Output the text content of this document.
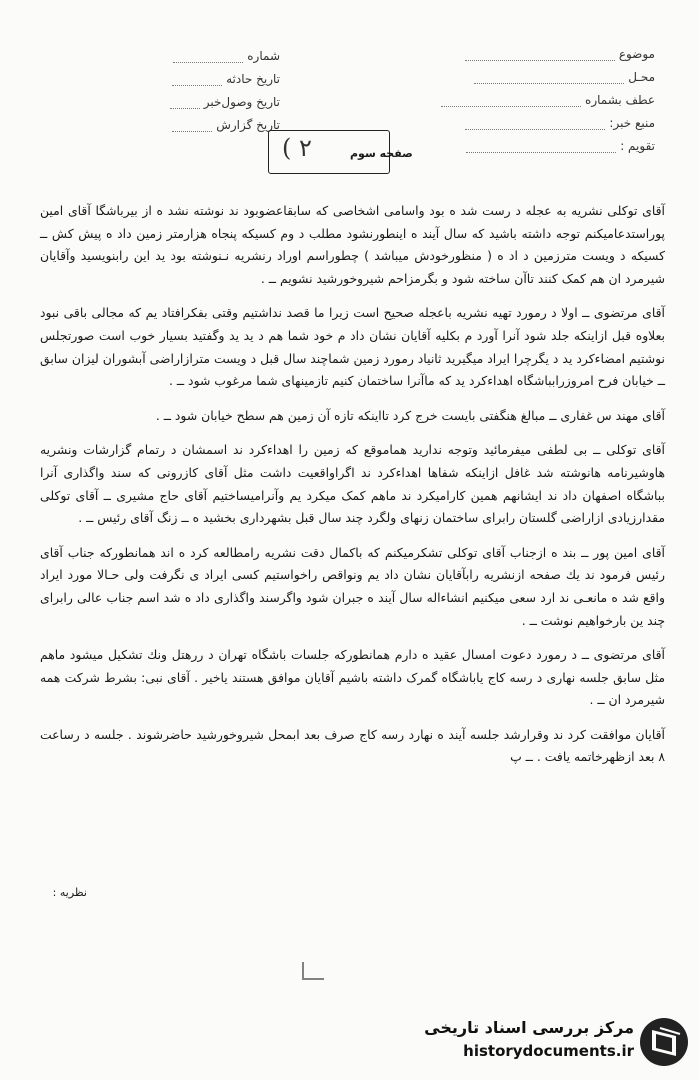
موضوع
محـل
عطف بشماره
منبع خبر:
تقویم :
شماره
تاریخ حادثه
تاریخ وصول‌خبر
تاریخ گزارش
( ۲	صفحه سوم

آقای توکلی نشریه به عجله د رست شد ه بود واسامی اشخاصی که سابقاعضوبود ند نوشته نشد ه از بیرباشگا آقای امین پوراستدعامیکنم توجه داشته باشید که سال آیند ه اینطورنشود مطلب د وم کسیکه پنجاه هزارمتر زمین داد ه پیش کش ــ کسیکه د ویست مترزمین د اد ه ( منظورخودش میباشد ) چطوراسم اوراد رنشریه نـنوشته بود ید این رابنویسید وآقایان شیرمرد ان هم کمک کنند تاآن ساخته شود و بگرمزاحم شیروخورشید نشویم ــ .

آقای مرتضوی ــ اولا د رمورد تهیه نشریه باعجله صحیح است زیرا ما قصد نداشتیم وقتی بفکرافتاد یم که مجالی باقی نبود بعلاوه قبل ازاینکه جلد شود آنرا آورد م بکلیه آقایان نشان داد م خود شما هم د ید ید وگفتید بسیار خوب است صورتجلس نوشتیم امضاءکرد ید د یگرچرا ایراد میگیرید ثانیاد رمورد زمین شماچند سال قبل د ویست مترازاراضی آبشوران لیزان سابق ــ خیابان فرح امروزرابباشگاه اهداءکرد ید که ماآنرا ساختمان کنیم تازمینهای شما مرغوب شود ــ .

آقای مهند س غفاری ــ مبالغ هنگفتی بایست خرج کرد تااینکه تازه آن زمین هم سطح خیابان شود ــ .

آقای توکلی ــ بی لطفی میفرمائید وتوجه ندارید هماموقع که زمین را اهداءکرد ند اسمشان د رتمام گزارشات ونشریه هاوشیرنامه هانوشته شد غافل ازاینکه شفاها اهداءکرد ند اگراواقعیت داشت مثل آقای کازرونی که سند واگذاری آنرا بباشگاه اصفهان داد ند ایشانهم همین کارامیکرد ند ماهم کمک میکرد یم وآنرامیساختیم آقای حاج مشیری ــ آقای توکلی مقدارزیادی ازاراضی گلستان رابرای ساختمان زنهای ولگرد چند سال قبل بشهرداری بخشید ه ــ زنگ آقای رئیس ــ .

آقای امین پور ــ بند ه ازجناب آقای توکلی تشکرمیکنم که باکمال دقت نشریه رامطالعه کرد ه اند همانطورکه جناب آقای رئیس فرمود ند یك صفحه ازنشریه رابآقایان نشان داد یم ونواقص راخواستیم کسی ایراد ی نگرفت ولی حـالا مورد ایراد واقع شد ه مانعـی ند ارد سعی میکنیم انشاءاله سال آیند ه جبران شود واگرسند واگذاری داد ه شد اسم جناب عالی رابرای چند ین بارخواهیم نوشت ــ .

آقای مرتضوی ــ د رمورد دعوت امسال عقید ه دارم همانطورکه جلسات باشگاه تهران د ررهتل ونك تشکیل میشود ماهم مثل سابق جلسه نهاری د رسه کاج یاباشگاه گمرک داشته باشیم آقایان موافق هستند یاخیر . آقای نبی: بشرط شرکت همه شیرمرد ان ــ .

آقایان موافقت کرد ند وقرارشد جلسه آیند ه نهارد رسه کاج صرف بعد ابمحل شیروخورشید حاضرشوند . جلسه د رساعت ۸ بعد ازظهرخاتمه یافت . ــ پ

نظریه :
مرکز بررسی اسناد تاریخی
historydocuments.ir
